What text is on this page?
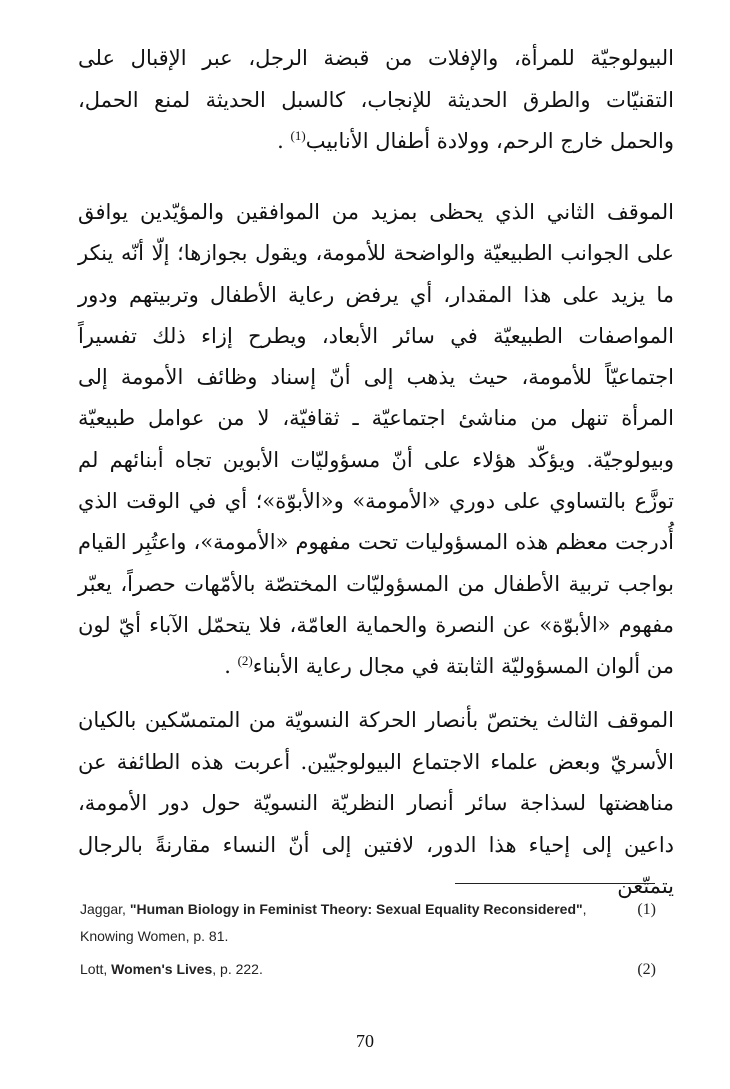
البيولوجيّة للمرأة، والإفلات من قبضة الرجل، عبر الإقبال على التقنيّات والطرق الحديثة للإنجاب، كالسبل الحديثة لمنع الحمل، والحمل خارج الرحم، وولادة أطفال الأنابيب$^{(1)}$ .

الموقف الثاني الذي يحظى بمزيد من الموافقين والمؤيّدين يوافق على الجوانب الطبيعيّة والواضحة للأمومة، ويقول بجوازها؛ إلّا أنّه ينكر ما يزيد على هذا المقدار، أي يرفض رعاية الأطفال وتربيتهم ودور المواصفات الطبيعيّة في سائر الأبعاد، ويطرح إزاء ذلك تفسيراً اجتماعيّاً للأمومة، حيث يذهب إلى أنّ إسناد وظائف الأمومة إلى المرأة تنهل من مناشئ اجتماعيّة ـ ثقافيّة، لا من عوامل طبيعيّة وبيولوجيّة. ويؤكّد هؤلاء على أنّ مسؤوليّات الأبوين تجاه أبنائهم لم توزَّع بالتساوي على دوري «الأمومة» و«الأبوّة»؛ أي في الوقت الذي أُدرجت معظم هذه المسؤوليات تحت مفهوم «الأمومة»، واعتُبِر القيام بواجب تربية الأطفال من المسؤوليّات المختصّة بالأمّهات حصراً، يعبّر مفهوم «الأبوّة» عن النصرة والحماية العامّة، فلا يتحمّل الآباء أيّ لون من ألوان المسؤوليّة الثابتة في مجال رعاية الأبناء$^{(2)}$ .

الموقف الثالث يختصّ بأنصار الحركة النسويّة من المتمسّكين بالكيان الأسريّ وبعض علماء الاجتماع البيولوجيّين. أعربت هذه الطائفة عن مناهضتها لسذاجة سائر أنصار النظريّة النسويّة حول دور الأمومة، داعين إلى إحياء هذا الدور، لافتين إلى أنّ النساء مقارنةً بالرجال يتمتّعن

Jaggar, "Human Biology in Feminist Theory: Sexual Equality Reconsidered",	(1)
Knowing Women, p. 81.
Lott, Women's Lives, p. 222.	(2)
70
